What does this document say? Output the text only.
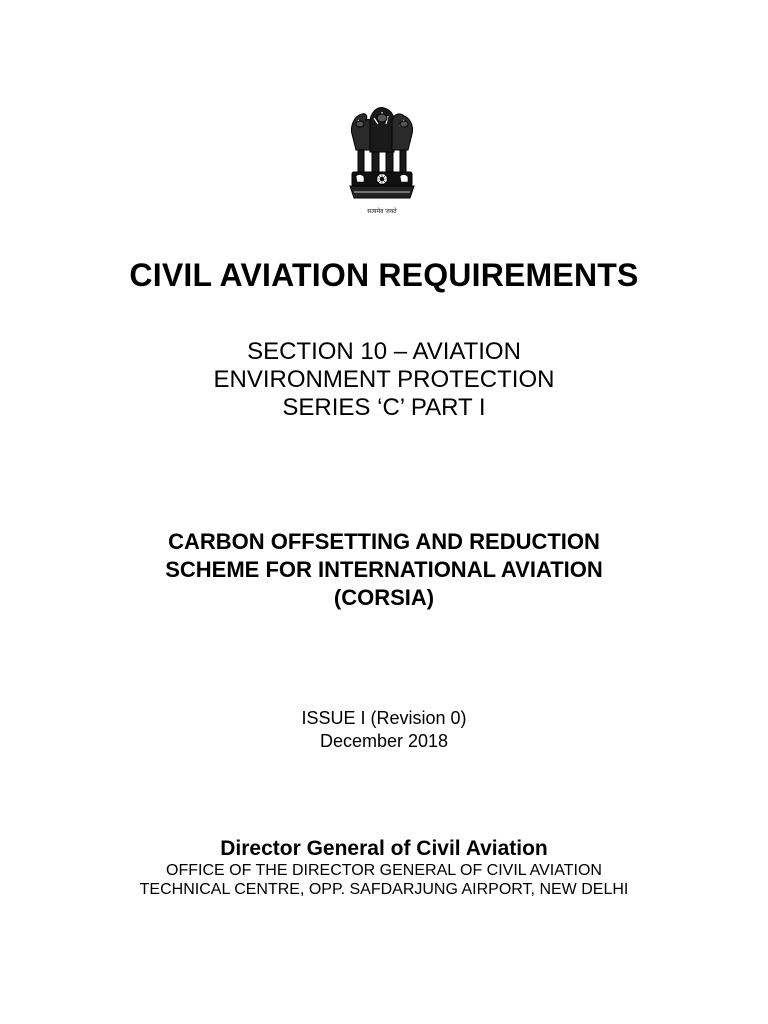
सत्यमेव जयते
CIVIL AVIATION REQUIREMENTS
SECTION 10 – AVIATION
ENVIRONMENT PROTECTION
SERIES ‘C’ PART I
CARBON OFFSETTING AND REDUCTION
SCHEME FOR INTERNATIONAL AVIATION
(CORSIA)
ISSUE I (Revision 0)
December 2018
Director General of Civil Aviation
OFFICE OF THE DIRECTOR GENERAL OF CIVIL AVIATION
TECHNICAL CENTRE, OPP. SAFDARJUNG AIRPORT, NEW DELHI
